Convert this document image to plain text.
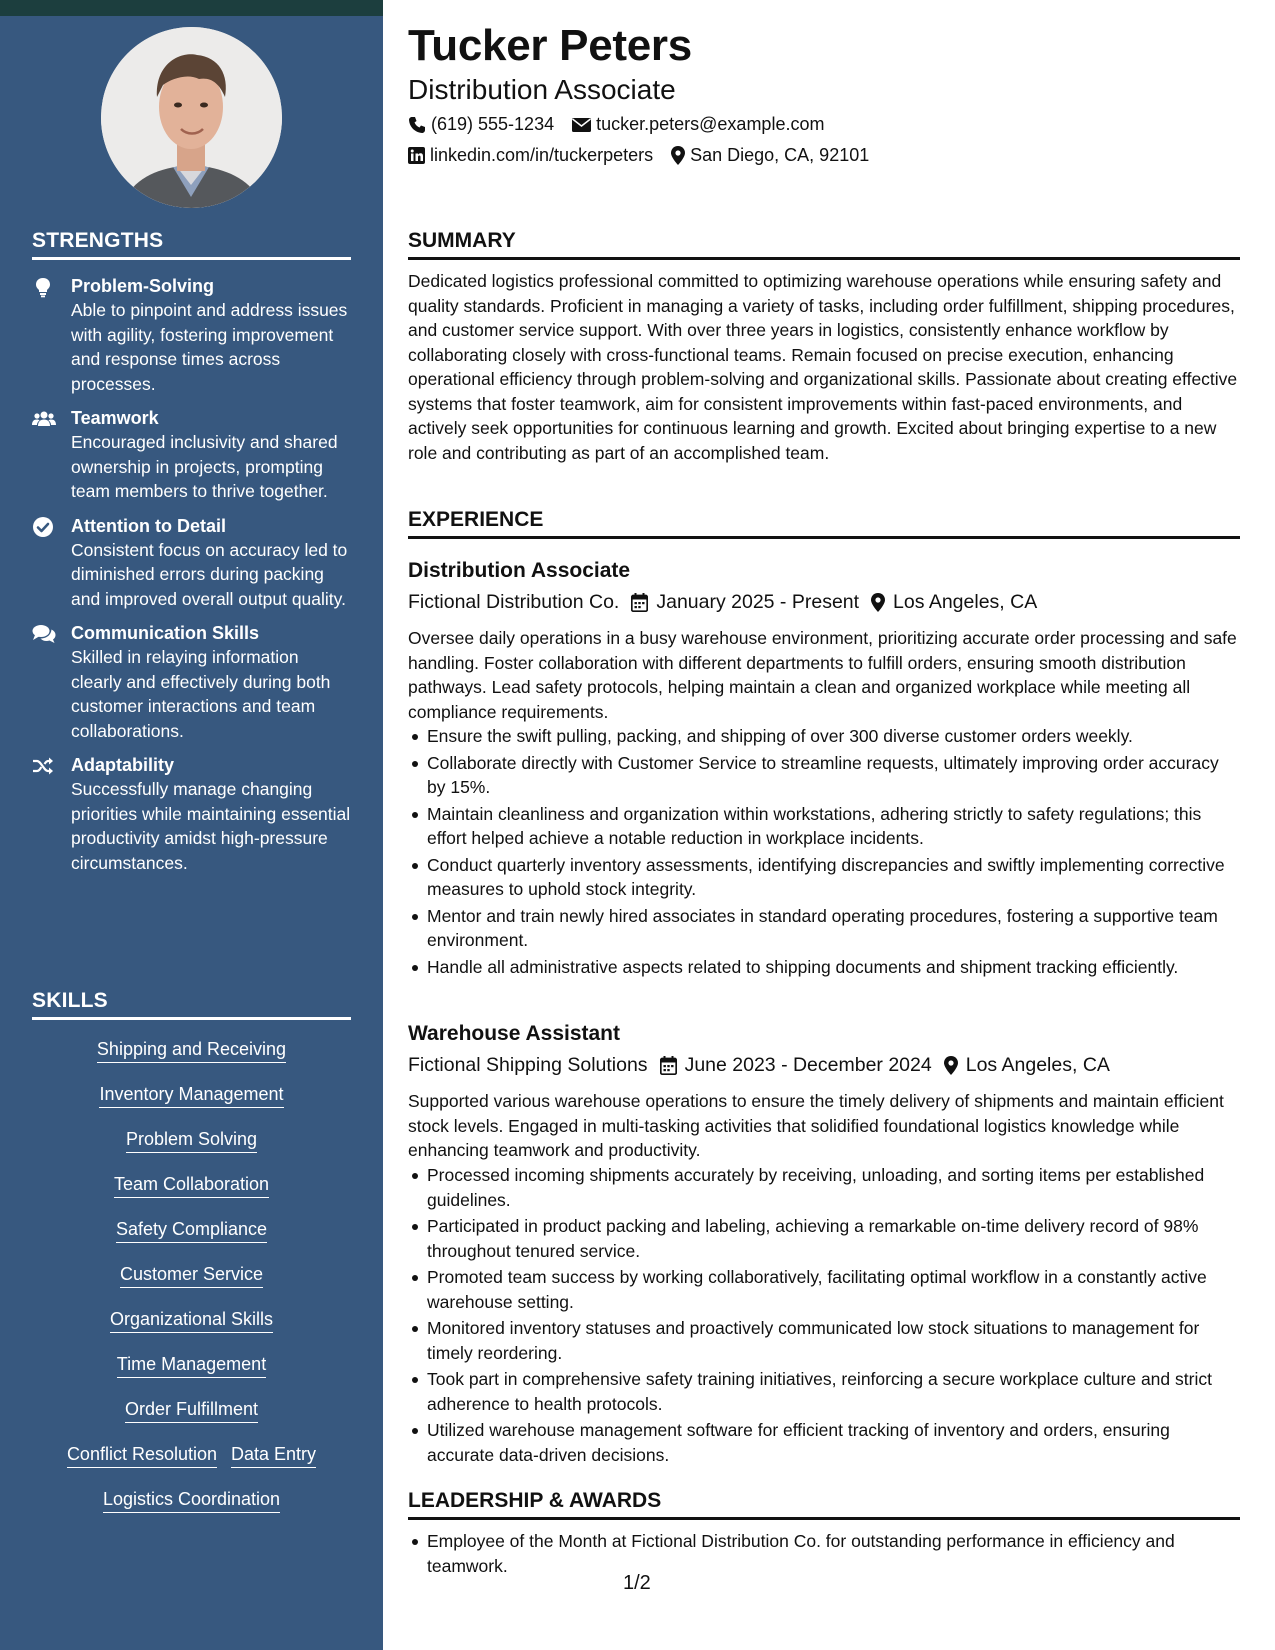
STRENGTHS
Problem-Solving
Able to pinpoint and address issues with agility, fostering improvement and response times across processes.
Teamwork
Encouraged inclusivity and shared ownership in projects, prompting team members to thrive together.
Attention to Detail
Consistent focus on accuracy led to diminished errors during packing and improved overall output quality.
Communication Skills
Skilled in relaying information clearly and effectively during both customer interactions and team collaborations.
Adaptability
Successfully manage changing priorities while maintaining essential productivity amidst high-pressure circumstances.
SKILLS
Shipping and Receiving
Inventory Management
Problem Solving
Team Collaboration
Safety Compliance
Customer Service
Organizational Skills
Time Management
Order Fulfillment
Conflict Resolution Data Entry
Logistics Coordination
Tucker Peters
Distribution Associate
(619) 555-1234 tucker.peters@example.com
linkedin.com/in/tuckerpeters San Diego, CA, 92101
SUMMARY
Dedicated logistics professional committed to optimizing warehouse operations while ensuring safety and quality standards. Proficient in managing a variety of tasks, including order fulfillment, shipping procedures, and customer service support. With over three years in logistics, consistently enhance workflow by collaborating closely with cross-functional teams. Remain focused on precise execution, enhancing operational efficiency through problem-solving and organizational skills. Passionate about creating effective systems that foster teamwork, aim for consistent improvements within fast-paced environments, and actively seek opportunities for continuous learning and growth. Excited about bringing expertise to a new role and contributing as part of an accomplished team.
EXPERIENCE
Distribution Associate
Fictional Distribution Co. January 2025 - Present Los Angeles, CA
Oversee daily operations in a busy warehouse environment, prioritizing accurate order processing and safe handling. Foster collaboration with different departments to fulfill orders, ensuring smooth distribution pathways. Lead safety protocols, helping maintain a clean and organized workplace while meeting all compliance requirements.
Ensure the swift pulling, packing, and shipping of over 300 diverse customer orders weekly.
Collaborate directly with Customer Service to streamline requests, ultimately improving order accuracy by 15%.
Maintain cleanliness and organization within workstations, adhering strictly to safety regulations; this effort helped achieve a notable reduction in workplace incidents.
Conduct quarterly inventory assessments, identifying discrepancies and swiftly implementing corrective measures to uphold stock integrity.
Mentor and train newly hired associates in standard operating procedures, fostering a supportive team environment.
Handle all administrative aspects related to shipping documents and shipment tracking efficiently.
Warehouse Assistant
Fictional Shipping Solutions June 2023 - December 2024 Los Angeles, CA
Supported various warehouse operations to ensure the timely delivery of shipments and maintain efficient stock levels. Engaged in multi-tasking activities that solidified foundational logistics knowledge while enhancing teamwork and productivity.
Processed incoming shipments accurately by receiving, unloading, and sorting items per established guidelines.
Participated in product packing and labeling, achieving a remarkable on-time delivery record of 98% throughout tenured service.
Promoted team success by working collaboratively, facilitating optimal workflow in a constantly active warehouse setting.
Monitored inventory statuses and proactively communicated low stock situations to management for timely reordering.
Took part in comprehensive safety training initiatives, reinforcing a secure workplace culture and strict adherence to health protocols.
Utilized warehouse management software for efficient tracking of inventory and orders, ensuring accurate data-driven decisions.
LEADERSHIP & AWARDS
Employee of the Month at Fictional Distribution Co. for outstanding performance in efficiency and teamwork.
1/2
